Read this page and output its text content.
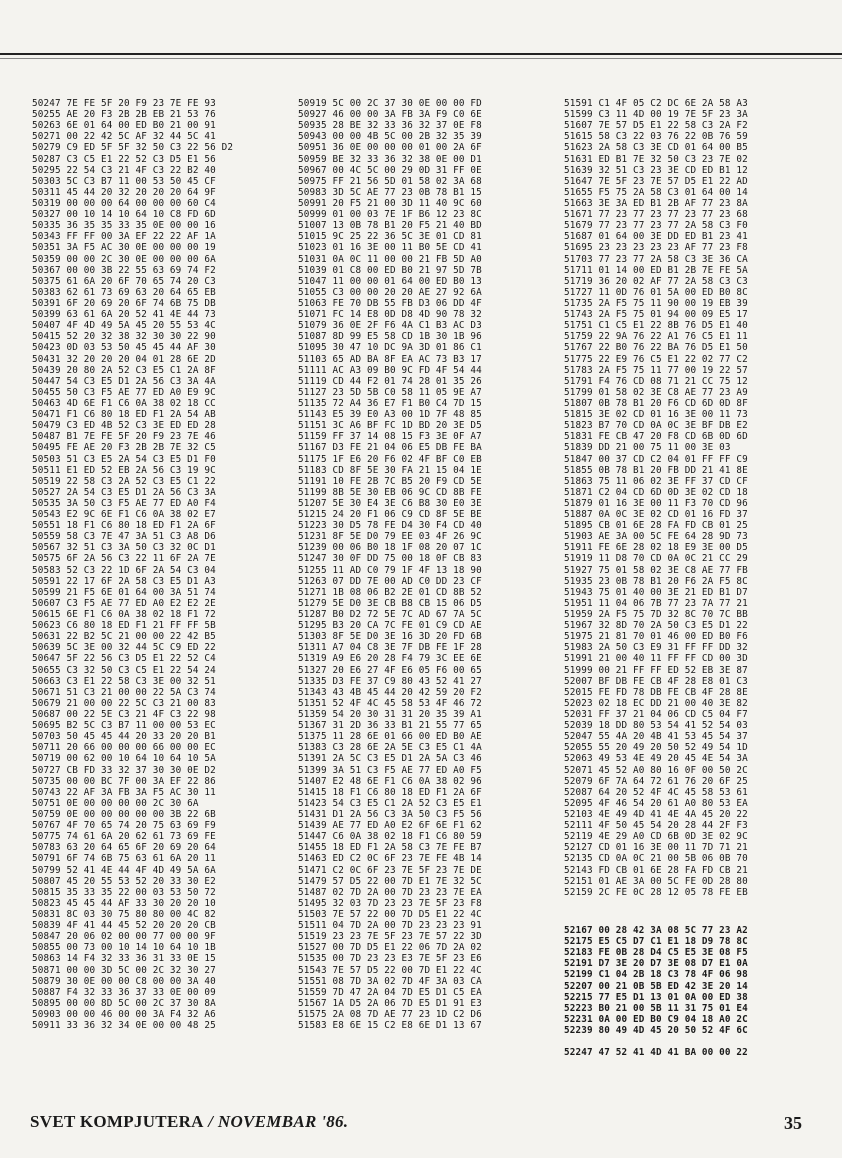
50247 7E FE 5F 20 F9 23 7E FE 93
50255 AE 20 F3 2B 2B EB 21 53 76
50263 6E 01 64 00 ED B0 21 00 91
50271 00 22 42 5C AF 32 44 5C 41
50279 C9 ED 5F 5F 32 50 C3 22 56 D2
50287 C3 C5 E1 22 52 C3 D5 E1 56
50295 22 54 C3 21 4F C3 22 B2 40
50303 5C C3 B7 11 00 53 50 45 CF
50311 45 44 20 32 20 20 20 64 9F
50319 00 00 00 64 00 00 00 60 C4
50327 00 10 14 10 64 10 C8 FD 6D
50335 36 35 35 33 35 0E 00 00 16
50343 FF FF 00 3A EF 22 22 AF 1A
50351 3A F5 AC 30 0E 00 00 00 19
50359 00 00 2C 30 0E 00 00 00 6A
50367 00 00 3B 22 55 63 69 74 F2
50375 61 6A 20 6F 70 65 74 20 C3
50383 62 61 73 69 63 20 64 65 EB
50391 6F 20 69 20 6F 74 6B 75 DB
50399 63 61 6A 20 52 41 4E 44 73
50407 4F 4D 49 5A 45 20 55 53 4C
50415 52 20 32 38 32 30 30 22 90
50423 0D 03 53 50 45 45 44 AF 30
50431 32 20 20 20 04 01 28 6E 2D
50439 20 80 2A 52 C3 E5 C1 2A 8F
50447 54 C3 E5 D1 2A 56 C3 3A 4A
50455 50 C3 F5 AE 77 ED A0 E9 9C
50463 4D 6E F1 C6 0A 38 02 18 CC
50471 F1 C6 80 18 ED F1 2A 54 AB
50479 C3 ED 4B 52 C3 3E ED ED 28
50487 B1 7E FE 5F 20 F9 23 7E 46
50495 FE AE 20 F3 2B 2B 7E 32 C5
50503 51 C3 E5 2A 54 C3 E5 D1 F0
50511 E1 ED 52 EB 2A 56 C3 19 9C
50519 22 58 C3 2A 52 C3 E5 C1 22
50527 2A 54 C3 E5 D1 2A 56 C3 3A
50535 3A 50 C3 F5 AE 77 ED A0 F4
50543 E2 9C 6E F1 C6 0A 38 02 E7
50551 18 F1 C6 80 18 ED F1 2A 6F
50559 58 C3 7E 47 3A 51 C3 A8 D6
50567 32 51 C3 3A 50 C3 32 0C D1
50575 6F 2A 56 C3 22 11 6F 2A 7E
50583 52 C3 22 1D 6F 2A 54 C3 04
50591 22 17 6F 2A 58 C3 E5 D1 A3
50599 21 F5 6E 01 64 00 3A 51 74
50607 C3 F5 AE 77 ED A0 E2 E2 2E
50615 6E F1 C6 0A 38 02 18 F1 72
50623 C6 80 18 ED F1 21 FF FF 5B
50631 22 B2 5C 21 00 00 22 42 B5
50639 5C 3E 00 32 44 5C C9 ED 22
50647 5F 22 56 C3 D5 E1 22 52 C4
50655 C3 32 50 C3 C5 E1 22 54 24
50663 C3 E1 22 58 C3 3E 00 32 51
50671 51 C3 21 00 00 22 5A C3 74
50679 21 00 00 22 5C C3 21 00 83
50687 00 22 5E C3 21 4F C3 22 98
50695 B2 5C C3 B7 11 00 00 53 EC
50703 50 45 45 44 20 33 20 20 B1
50711 20 66 00 00 00 66 00 00 EC
50719 00 62 00 10 64 10 64 10 5A
50727 CB FD 33 32 37 30 30 0E D2
50735 00 00 BC 7F 00 3A EF 22 86
50743 22 AF 3A FB 3A F5 AC 30 11
50751 0E 00 00 00 00 2C 30 6A
50759 0E 00 00 00 00 00 3B 22 6B
50767 4F 70 65 74 20 75 63 69 F9
50775 74 61 6A 20 62 61 73 69 FE
50783 63 20 64 65 6F 20 69 20 64
50791 6F 74 6B 75 63 61 6A 20 11
50799 52 41 4E 44 4F 4D 49 5A 6A
50807 45 20 55 53 52 20 33 30 E2
50815 35 33 35 22 00 03 53 50 72
50823 45 45 44 AF 33 30 20 20 10
50831 8C 03 30 75 80 80 00 4C 82
50839 4F 41 44 45 52 20 20 20 CB
50847 20 06 02 00 00 77 00 00 9F
50855 00 73 00 10 14 10 64 10 1B
50863 14 F4 32 33 36 31 33 0E 15
50871 00 00 3D 5C 00 2C 32 30 27
50879 30 0E 00 00 C8 00 00 3A 40
50887 F4 32 33 36 37 33 0E 00 09
50895 00 00 8D 5C 00 2C 37 30 8A
50903 00 00 46 00 00 3A F4 32 A6
50911 33 36 32 34 0E 00 00 48 25
50919 5C 00 2C 37 30 0E 00 00 FD
50927 46 00 00 3A FB 3A F9 C0 6E
50935 28 BE 32 33 36 32 37 0E F8
50943 00 00 4B 5C 00 2B 32 35 39
50951 36 0E 00 00 00 01 00 2A 6F
50959 BE 32 33 36 32 38 0E 00 D1
50967 00 4C 5C 00 29 0D 31 FF 0E
50975 FF 21 56 5D 01 58 02 3A 68
50983 3D 5C AE 77 23 0B 78 B1 15
50991 20 F5 21 00 3D 11 40 9C 60
50999 01 00 03 7E 1F B6 12 23 8C
51007 13 0B 78 B1 20 F5 21 40 BD
51015 9C 25 22 36 5C 3E 01 CD 81
51023 01 16 3E 00 11 B0 5E CD 41
51031 0A 0C 11 00 00 21 FB 5D A0
51039 01 C8 00 ED B0 21 97 5D 7B
51047 11 00 00 01 64 00 ED B0 13
51055 C3 00 00 20 20 AE 27 92 6A
51063 FE 70 DB 55 FB D3 06 DD 4F
51071 FC 14 E8 0D D8 4D 90 78 32
51079 36 0E 2F F6 4A C1 B3 AC D3
51087 8D 99 E5 58 CD 1B 30 1B 96
51095 30 47 10 DC 9A 3D 01 86 C1
51103 65 AD BA 8F EA AC 73 B3 17
51111 AC A3 09 B0 9C FD 4F 54 44
51119 CD 44 F2 01 74 28 01 35 26
51127 23 5D 5B C0 58 11 05 9E A7
51135 72 A4 36 E7 F1 B0 C4 7D 15
51143 E5 39 E0 A3 00 1D 7F 48 85
51151 3C A6 BF FC 1D BD 20 3E D5
51159 FF 37 14 08 15 F3 3E 0F A7
51167 D3 FE 21 04 06 E5 DB FE BA
51175 1F E6 20 F6 02 4F BF C0 EB
51183 CD 8F 5E 30 FA 21 15 04 1E
51191 10 FE 2B 7C B5 20 F9 CD 5E
51199 8B 5E 30 EB 06 9C CD 8B FE
51207 5E 30 E4 3E C6 B8 30 E0 3E
51215 24 20 F1 06 C9 CD 8F 5E BE
51223 30 D5 78 FE D4 30 F4 CD 40
51231 8F 5E D0 79 EE 03 4F 26 9C
51239 00 06 B0 18 1F 08 20 07 1C
51247 30 0F DD 75 00 18 0F CB 83
51255 11 AD C0 79 1F 4F 13 18 90
51263 07 DD 7E 00 AD C0 DD 23 CF
51271 1B 08 06 B2 2E 01 CD 8B 52
51279 5E D0 3E CB B8 CB 15 06 D5
51287 B0 D2 72 5E 7C AD 67 7A 5C
51295 B3 20 CA 7C FE 01 C9 CD AE
51303 8F 5E D0 3E 16 3D 20 FD 6B
51311 A7 04 C8 3E 7F DB FE 1F 28
51319 A9 E6 20 28 F4 79 3C EE 6E
51327 20 E6 27 4F E6 05 F6 00 65
51335 D3 FE 37 C9 80 43 52 41 27
51343 43 4B 45 44 20 42 59 20 F2
51351 52 4F 4C 45 58 53 4F 46 72
51359 54 20 30 31 31 20 35 39 A1
51367 31 2D 36 33 B1 21 55 77 65
51375 11 28 6E 01 66 00 ED B0 AE
51383 C3 28 6E 2A 5E C3 E5 C1 4A
51391 2A 5C C3 E5 D1 2A 5A C3 46
51399 3A 51 C3 F5 AE 77 ED A0 F5
51407 E2 48 6E F1 C6 0A 38 02 96
51415 18 F1 C6 80 18 ED F1 2A 6F
51423 54 C3 E5 C1 2A 52 C3 E5 E1
51431 D1 2A 56 C3 3A 50 C3 F5 56
51439 AE 77 ED A0 E2 6F 6E F1 62
51447 C6 0A 38 02 18 F1 C6 80 59
51455 18 ED F1 2A 58 C3 7E FE B7
51463 ED C2 0C 6F 23 7E FE 4B 14
51471 C2 0C 6F 23 7E 5F 23 7E DE
51479 57 D5 22 00 7D E1 7E 32 5C
51487 02 7D 2A 00 7D 23 23 7E EA
51495 32 03 7D 23 23 7E 5F 23 F8
51503 7E 57 22 00 7D D5 E1 22 4C
51511 04 7D 2A 00 7D 23 23 23 91
51519 23 23 7E 5F 23 7E 57 22 3D
51527 00 7D D5 E1 22 06 7D 2A 02
51535 00 7D 23 23 E3 7E 5F 23 E6
51543 7E 57 D5 22 00 7D E1 22 4C
51551 08 7D 3A 02 7D 4F 3A 03 CA
51559 7D 47 2A 04 7D E5 D1 C5 EA
51567 1A D5 2A 06 7D E5 D1 91 E3
51575 2A 08 7D AE 77 23 1D C2 D6
51583 E8 6E 15 C2 E8 6E D1 13 67
51591 C1 4F 05 C2 DC 6E 2A 58 A3
51599 C3 11 4D 00 19 7E 5F 23 3A
51607 7E 57 D5 E1 22 58 C3 2A F2
51615 58 C3 22 03 76 22 0B 76 59
51623 2A 58 C3 3E CD 01 64 00 B5
51631 ED B1 7E 32 50 C3 23 7E 02
51639 32 51 C3 23 3E CD ED B1 12
51647 7E 5F 23 7E 57 D5 E1 22 AD
51655 F5 75 2A 58 C3 01 64 00 14
51663 3E 3A ED B1 2B AF 77 23 8A
51671 77 23 77 23 77 23 77 23 68
51679 77 23 77 23 77 2A 58 C3 F0
51687 01 64 00 3E DD ED B1 23 41
51695 23 23 23 23 23 AF 77 23 F8
51703 77 23 77 2A 58 C3 3E 36 CA
51711 01 14 00 ED B1 2B 7E FE 5A
51719 36 20 02 AF 77 2A 58 C3 C3
51727 11 0D 76 01 5A 00 ED B0 8C
51735 2A F5 75 11 90 00 19 EB 39
51743 2A F5 75 01 94 00 09 E5 17
51751 C1 C5 E1 22 8B 76 D5 E1 40
51759 22 9A 76 22 A1 76 C5 E1 11
51767 22 B0 76 22 BA 76 D5 E1 50
51775 22 E9 76 C5 E1 22 02 77 C2
51783 2A F5 75 11 77 00 19 22 57
51791 F4 76 CD 08 71 21 CC 75 12
51799 01 58 02 3E C8 AE 77 23 A9
51807 0B 78 B1 20 F6 CD 6D 0D 8F
51815 3E 02 CD 01 16 3E 00 11 73
51823 B7 70 CD 0A 0C 3E BF DB E2
51831 FE CB 47 20 F8 CD 6B 0D 6D
51839 DD 21 00 75 11 00 3E 03
51847 00 37 CD C2 04 01 FF FF C9
51855 0B 78 B1 20 FB DD 21 41 8E
51863 75 11 06 02 3E FF 37 CD CF
51871 C2 04 CD 6D 0D 3E 02 CD 18
51879 01 16 3E 00 11 F3 70 CD 96
51887 0A 0C 3E 02 CD 01 16 FD 37
51895 CB 01 6E 28 FA FD CB 01 25
51903 AE 3A 00 5C FE 64 28 9D 73
51911 FE 6E 28 02 18 E9 3E 00 D5
51919 11 D8 70 CD 0A 0C 21 CC 29
51927 75 01 58 02 3E C8 AE 77 FB
51935 23 0B 78 B1 20 F6 2A F5 8C
51943 75 01 40 00 3E 21 ED B1 D7
51951 11 04 06 7B 77 23 7A 77 21
51959 2A F5 75 7D 32 8C 70 7C BB
51967 32 8D 70 2A 50 C3 E5 D1 22
51975 21 81 70 01 46 00 ED B0 F6
51983 2A 50 C3 E9 31 FF FF DD 32
51991 21 00 40 11 FF FF CD 00 3D
51999 00 21 FF FF ED 52 EB 3E 87
52007 BF DB FE CB 4F 28 E8 01 C3
52015 FE FD 78 DB FE CB 4F 28 8E
52023 02 18 EC DD 21 00 40 3E 82
52031 FF 37 21 04 06 CD C5 04 F7
52039 18 DD 80 53 54 41 52 54 03
52047 55 4A 20 4B 41 53 45 54 37
52055 55 20 49 20 50 52 49 54 1D
52063 49 53 4E 49 20 45 4E 54 3A
52071 45 52 A0 80 16 0F 00 50 2C
52079 6F 7A 64 72 61 76 20 6F 25
52087 64 20 52 4F 4C 45 58 53 61
52095 4F 46 54 20 61 A0 80 53 EA
52103 4E 49 4D 41 4E 4A 45 20 22
52111 4F 50 45 54 20 28 44 2F F3
52119 4E 29 A0 CD 6B 0D 3E 02 9C
52127 CD 01 16 3E 00 11 7D 71 21
52135 CD 0A 0C 21 00 5B 06 0B 70
52143 FD CB 01 6E 28 FA FD CB 21
52151 01 AE 3A 00 5C FE 0D 28 80
52159 2C FE 0C 28 12 05 78 FE EB
52167 00 28 42 3A 08 5C 77 23 A2
52175 E5 C5 D7 C1 E1 18 D9 78 8C
52183 FE 0B 28 D4 C5 E5 3E 08 F5
52191 D7 3E 20 D7 3E 08 D7 E1 0A
52199 C1 04 2B 18 C3 78 4F 06 98
52207 00 21 0B 5B ED 42 3E 20 14
52215 77 E5 D1 13 01 0A 00 ED 38
52223 B0 21 00 5B 11 31 75 01 E4
52231 0A 00 ED B0 C9 04 18 A0 2C
52239 80 49 4D 45 20 50 52 4F 6C
52247 47 52 41 4D 41 BA 00 00 22
SVET KOMPJUTERA / NOVEMBAR '86.	35
